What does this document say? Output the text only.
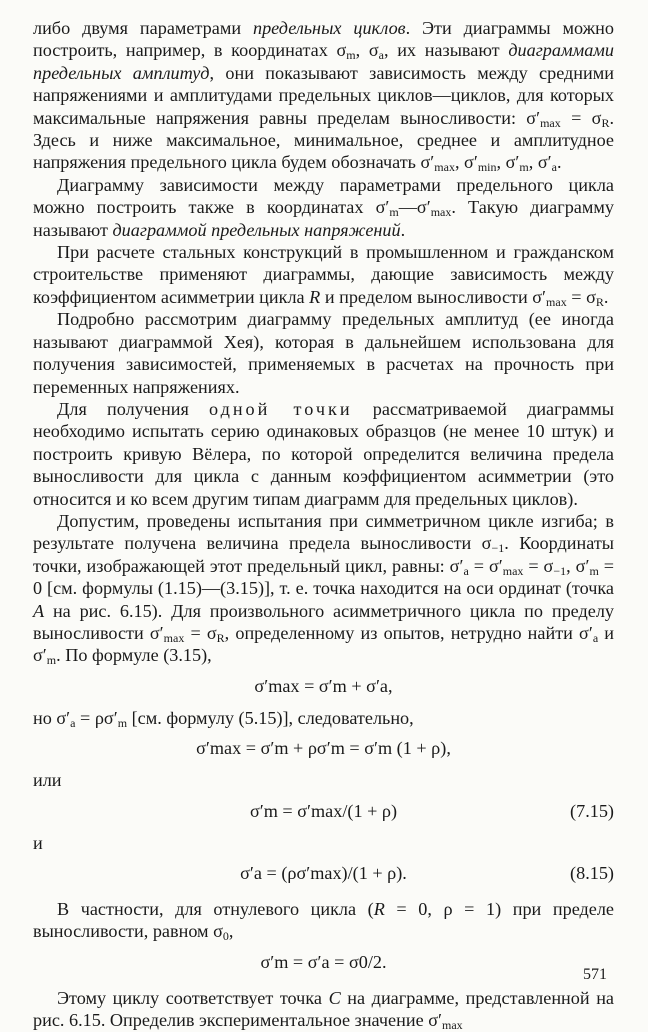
либо двумя параметрами предельных циклов. Эти диаграммы можно построить, например, в координатах $\sigma_m$, $\sigma_a$, их называют диаграммами предельных амплитуд, они показывают зависимость между средними напряжениями и амплитудами предельных циклов—циклов, для которых максимальные напряжения равны пределам выносливости: $\sigma'_{max} = \sigma_R$. Здесь и ниже максимальное, минимальное, среднее и амплитудное напряжения предельного цикла будем обозначать $\sigma'_{max}$, $\sigma'_{min}$, $\sigma'_m$, $\sigma'_a$.

Диаграмму зависимости между параметрами предельного цикла можно построить также в координатах $\sigma'_m—\sigma'_{max}$. Такую диаграмму называют диаграммой предельных напряжений.

При расчете стальных конструкций в промышленном и гражданском строительстве применяют диаграммы, дающие зависимость между коэффициентом асимметрии цикла R и пределом выносливости $\sigma'_{max} = \sigma_R$.

Подробно рассмотрим диаграмму предельных амплитуд (ее иногда называют диаграммой Хея), которая в дальнейшем использована для получения зависимостей, применяемых в расчетах на прочность при переменных напряжениях.

Для получения одной точки рассматриваемой диаграммы необходимо испытать серию одинаковых образцов (не менее 10 штук) и построить кривую Вёлера, по которой определится величина предела выносливости для цикла с данным коэффициентом асимметрии (это относится и ко всем другим типам диаграмм для предельных циклов).

Допустим, проведены испытания при симметричном цикле изгиба; в результате получена величина предела выносливости $\sigma_{-1}$. Координаты точки, изображающей этот предельный цикл, равны: $\sigma'_a = \sigma'_{max} = \sigma_{-1}$, $\sigma'_m = 0$ [см. формулы (1.15)—(3.15)], т. е. точка находится на оси ординат (точка A на рис. 6.15). Для произвольного асимметричного цикла по пределу выносливости $\sigma'_{max} = \sigma_R$, определенному из опытов, нетрудно найти $\sigma'_a$ и $\sigma'_m$. По формуле (3.15),

σ′max = σ′m + σ′a,

но $\sigma'_a = \rho\sigma'_m$ [см. формулу (5.15)], следовательно,

σ′max = σ′m + ρσ′m = σ′m (1 + ρ),

или

σ′m = σ′max/(1 + ρ)	(7.15)

и

σ′a = (ρσ′max)/(1 + ρ).	(8.15)

В частности, для отнулевого цикла (R = 0, ρ = 1) при пределе выносливости, равном $\sigma_0$,

σ′m = σ′a = σ0/2.

Этому циклу соответствует точка C на диаграмме, представленной на рис. 6.15. Определив экспериментальное значение $\sigma'_{max}$

571
